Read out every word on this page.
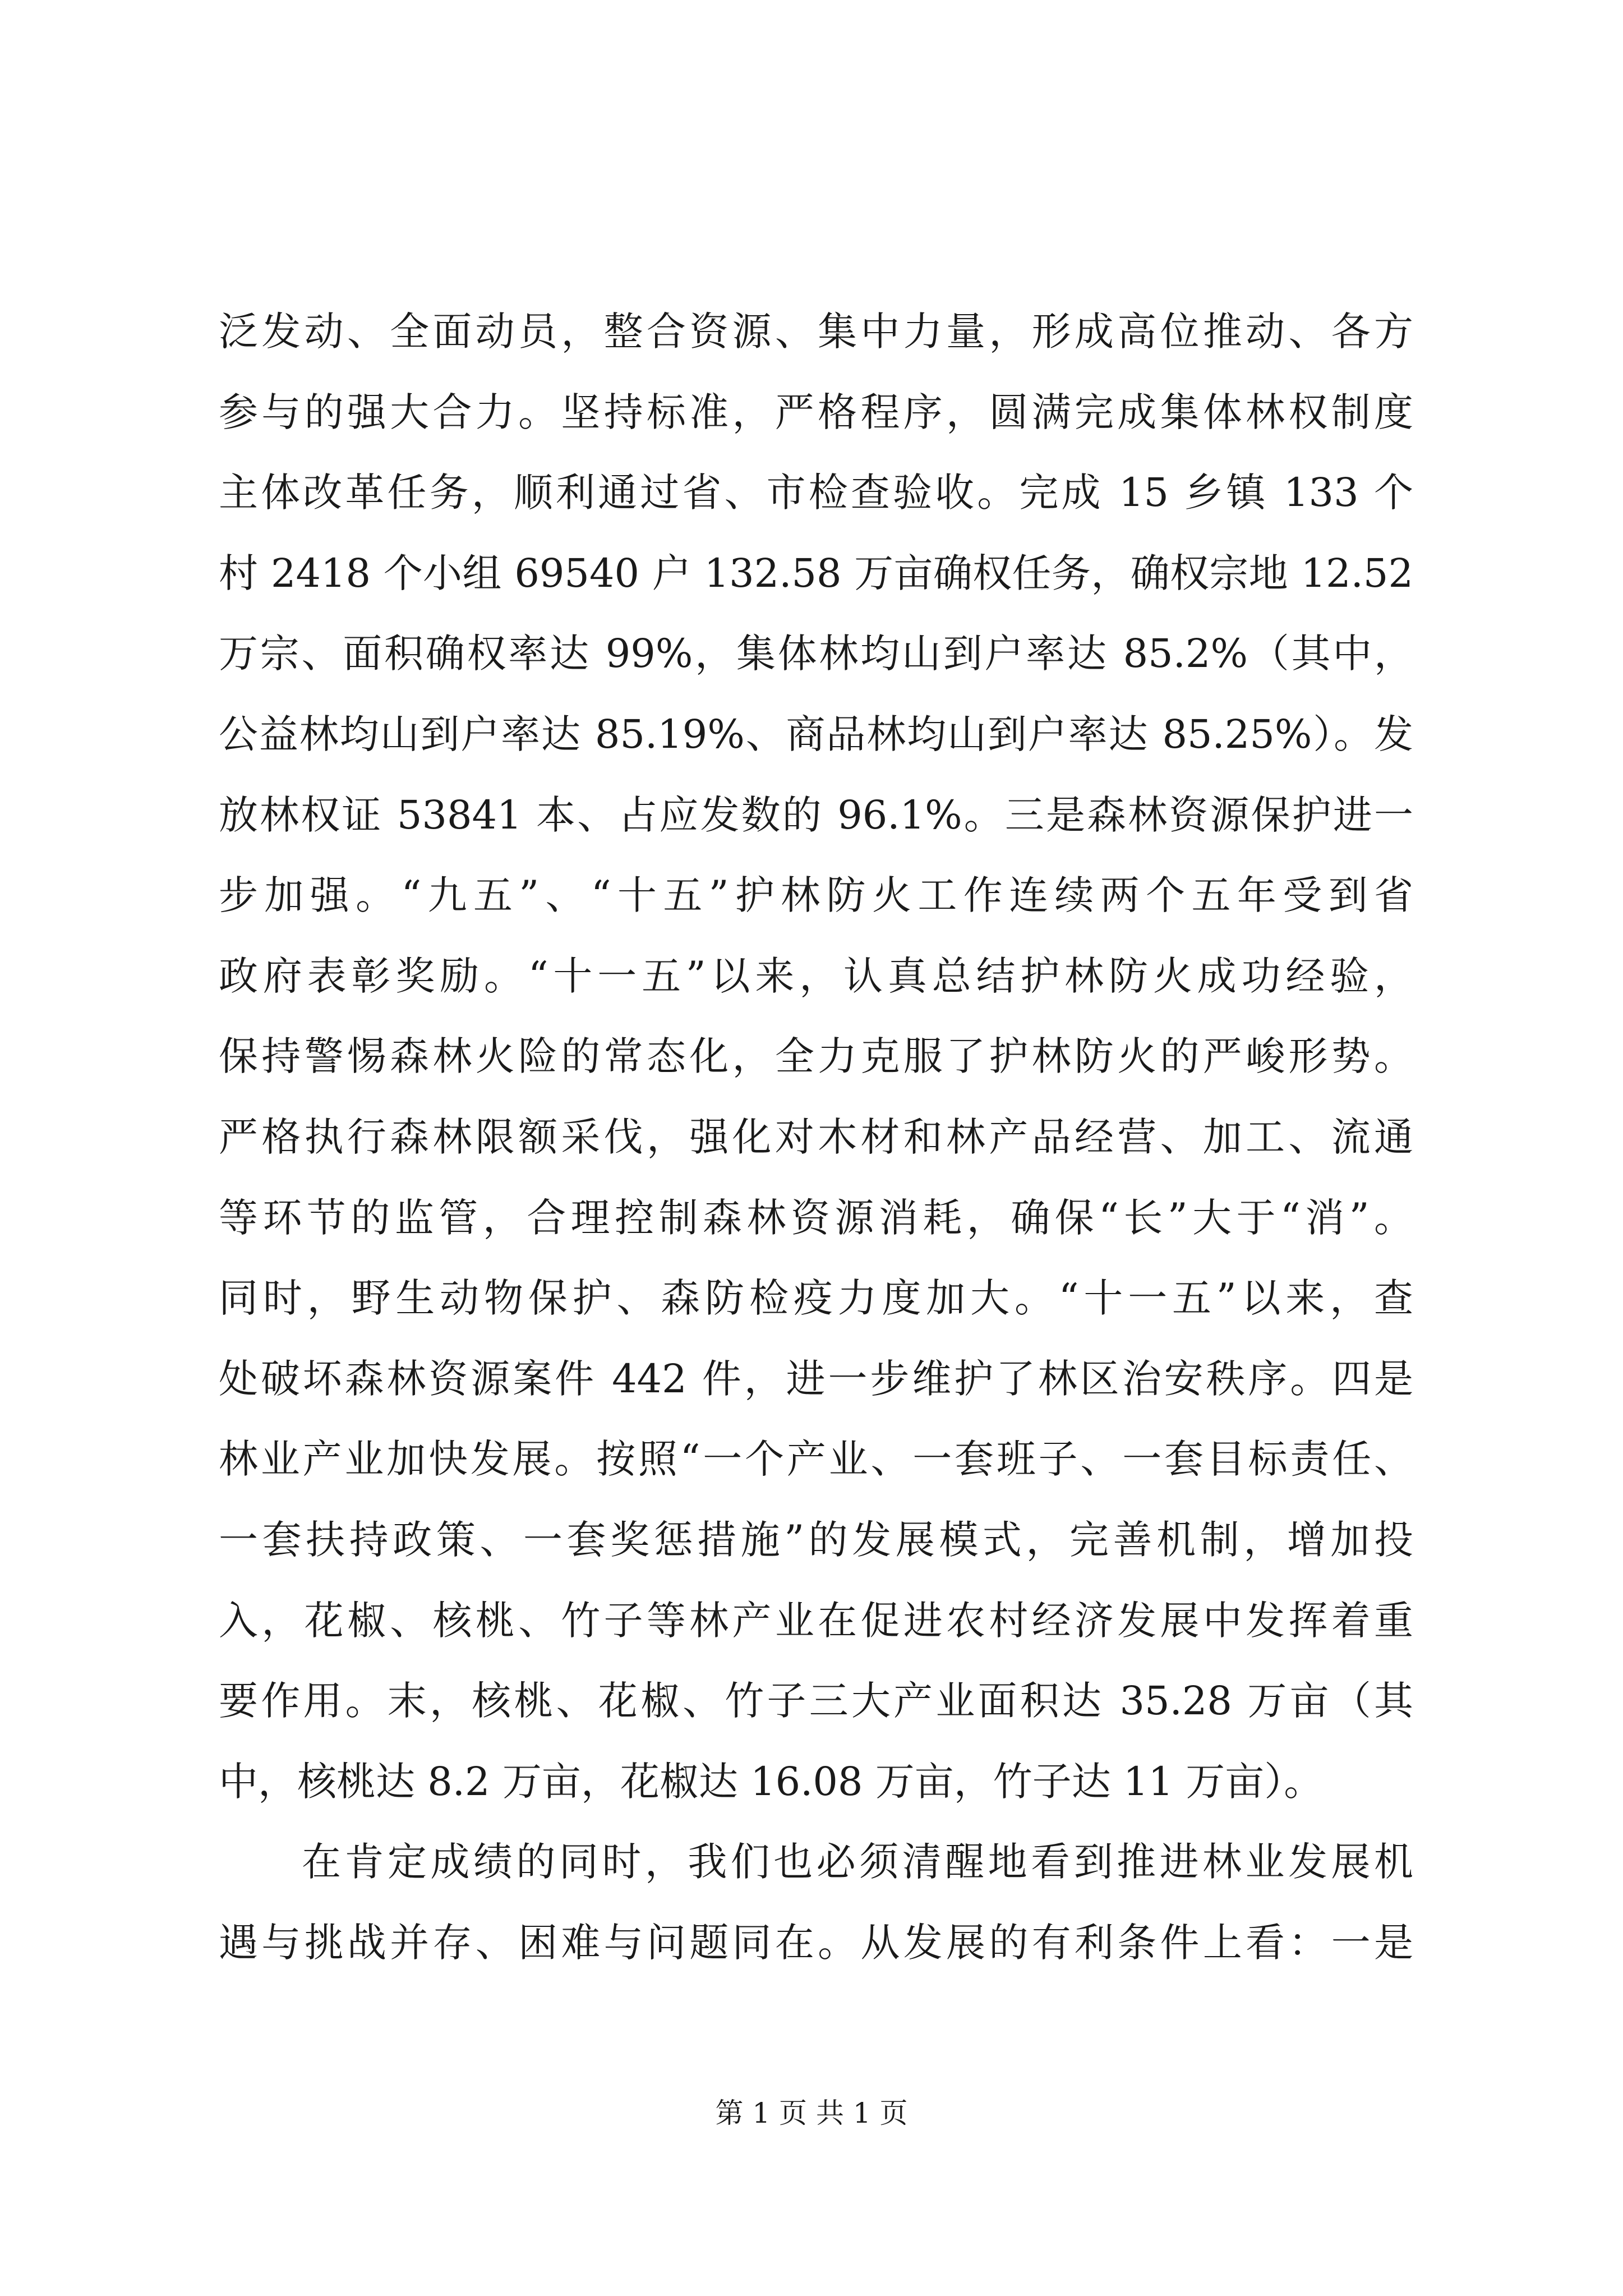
泛发动、全面动员，整合资源、集中力量，形成高位推动、各方
参与的强大合力。坚持标准，严格程序，圆满完成集体林权制度
主体改革任务，顺利通过省、市检查验收。完成 15 乡镇 133 个
村 2418 个小组 69540 户 132.58 万亩确权任务，确权宗地 12.52
万宗、面积确权率达 99%，集体林均山到户率达 85.2%（其中，
公益林均山到户率达 85.19%、商品林均山到户率达 85.25%）。发
放林权证 53841 本、占应发数的 96.1%。三是森林资源保护进一
步加强。“九五”、“十五”护林防火工作连续两个五年受到省
政府表彰奖励。“十一五”以来，认真总结护林防火成功经验，
保持警惕森林火险的常态化，全力克服了护林防火的严峻形势。
严格执行森林限额采伐，强化对木材和林产品经营、加工、流通
等环节的监管，合理控制森林资源消耗，确保“长”大于“消”。
同时，野生动物保护、森防检疫力度加大。“十一五”以来，查
处破坏森林资源案件 442 件，进一步维护了林区治安秩序。四是
林业产业加快发展。按照“一个产业、一套班子、一套目标责任、
一套扶持政策、一套奖惩措施”的发展模式，完善机制，增加投
入，花椒、核桃、竹子等林产业在促进农村经济发展中发挥着重
要作用。末，核桃、花椒、竹子三大产业面积达 35.28 万亩（其
中，核桃达 8.2 万亩，花椒达 16.08 万亩，竹子达 11 万亩）。
在肯定成绩的同时，我们也必须清醒地看到推进林业发展机
遇与挑战并存、困难与问题同在。从发展的有利条件上看：一是
第 1 页 共 1 页
